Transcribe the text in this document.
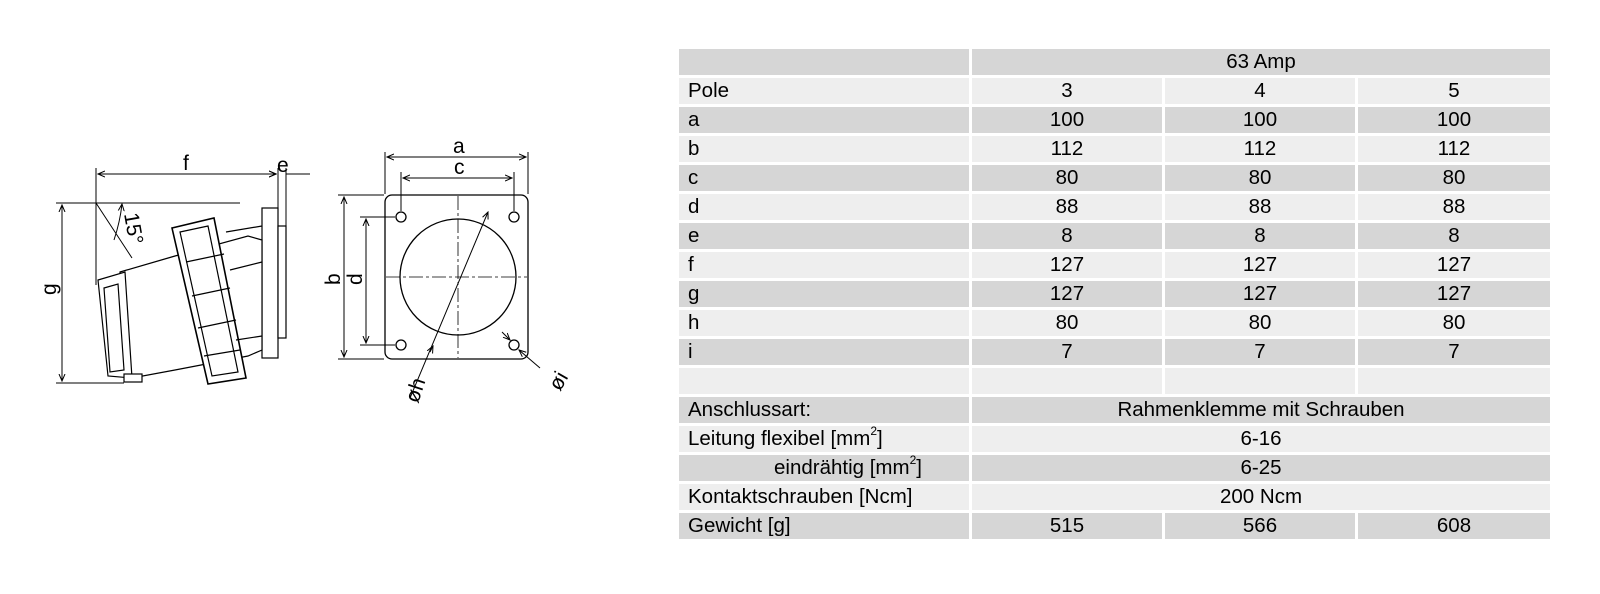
f	e
g
15°
a
c
b d
øh	øi
	63 Amp		
Pole	3	4	5
a	100	100	100
b	112	112	112
c	80	80	80
d	88	88	88
e	8	8	8
f	127	127	127
g	127	127	127
h	80	80	80
i	7	7	7

Anschlussart:	Rahmenklemme mit Schrauben		
Leitung flexibel $[mm^2]$	6-16		
eindrähtig $[mm^2]$	6-25		
Kontaktschrauben [Ncm]	200 Ncm		
Gewicht [g]	515	566	608
